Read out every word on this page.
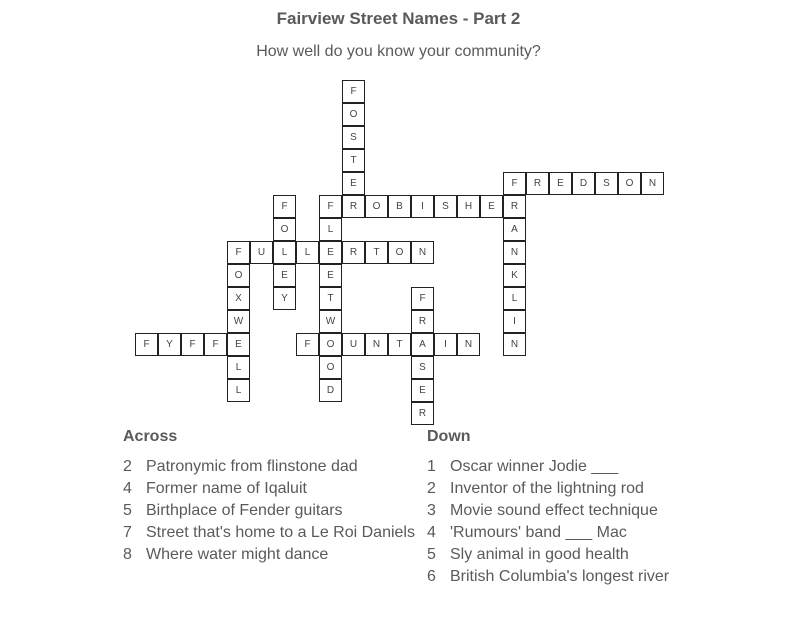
Fairview Street Names - Part 2
How well do you know your community?
F
O
S
T
E
R
F	R	E	D	S	O	N
F	O	B	I	S	H	E	R
A
N
K
L
I
N
F
O
L
E
Y
L
E
E
T
W
O
O
D
F	U	L	R	T	O	N
O
X
W
E
L
L
F
R
A
S
E
R
F	Y	F	F	F	U	N	T	I	N
Across
2 Patronymic from flinstone dad
4 Former name of Iqaluit
5 Birthplace of Fender guitars
7 Street that's home to a Le Roi Daniels
8 Where water might dance
Down
1 Oscar winner Jodie ___
2 Inventor of the lightning rod
3 Movie sound effect technique
4 'Rumours' band ___ Mac
5 Sly animal in good health
6 British Columbia's longest river
